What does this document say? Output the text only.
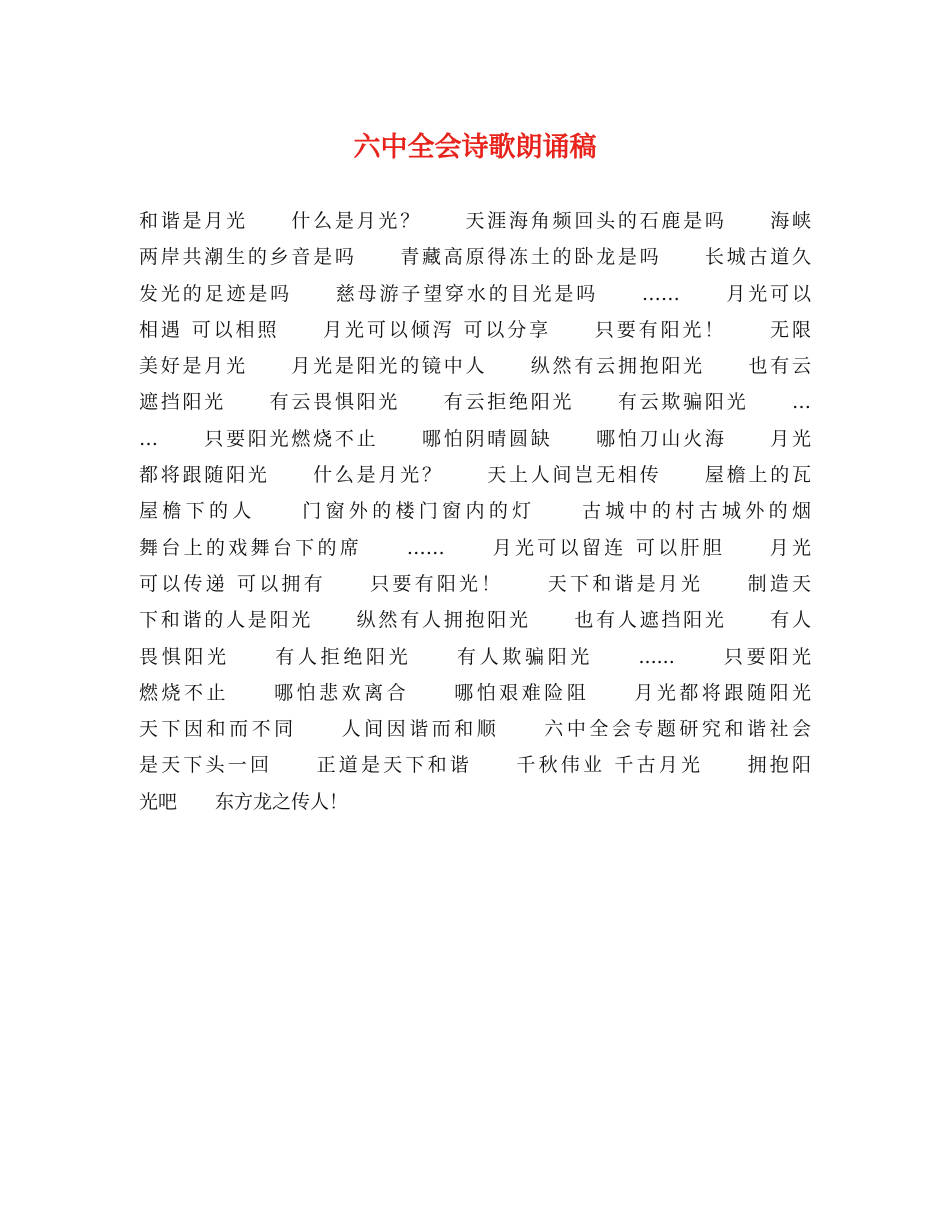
六中全会诗歌朗诵稿
和谐是月光　　什么是月光？　　天涯海角频回头的石鹿是吗　　海峡
两岸共潮生的乡音是吗　　青藏高原得冻土的卧龙是吗　　长城古道久
发光的足迹是吗　　慈母游子望穿水的目光是吗　　……　　月光可以
相遇 可以相照　　月光可以倾泻 可以分享　　只要有阳光！　　无限
美好是月光　　月光是阳光的镜中人　　纵然有云拥抱阳光　　也有云
遮挡阳光　　有云畏惧阳光　　有云拒绝阳光　　有云欺骗阳光　　…
…　　只要阳光燃烧不止　　哪怕阴晴圆缺　　哪怕刀山火海　　月光
都将跟随阳光　　什么是月光？　　天上人间岂无相传　　屋檐上的瓦
屋檐下的人　　门窗外的楼门窗内的灯　　古城中的村古城外的烟
舞台上的戏舞台下的席　　……　　月光可以留连 可以肝胆　　月光
可以传递 可以拥有　　只要有阳光！　　天下和谐是月光　　制造天
下和谐的人是阳光　　纵然有人拥抱阳光　　也有人遮挡阳光　　有人
畏惧阳光　　有人拒绝阳光　　有人欺骗阳光　　......　　只要阳光
燃烧不止　　哪怕悲欢离合　　哪怕艰难险阻　　月光都将跟随阳光
天下因和而不同　　人间因谐而和顺　　六中全会专题研究和谐社会
是天下头一回　　正道是天下和谐　　千秋伟业 千古月光　　拥抱阳
光吧　　东方龙之传人！
